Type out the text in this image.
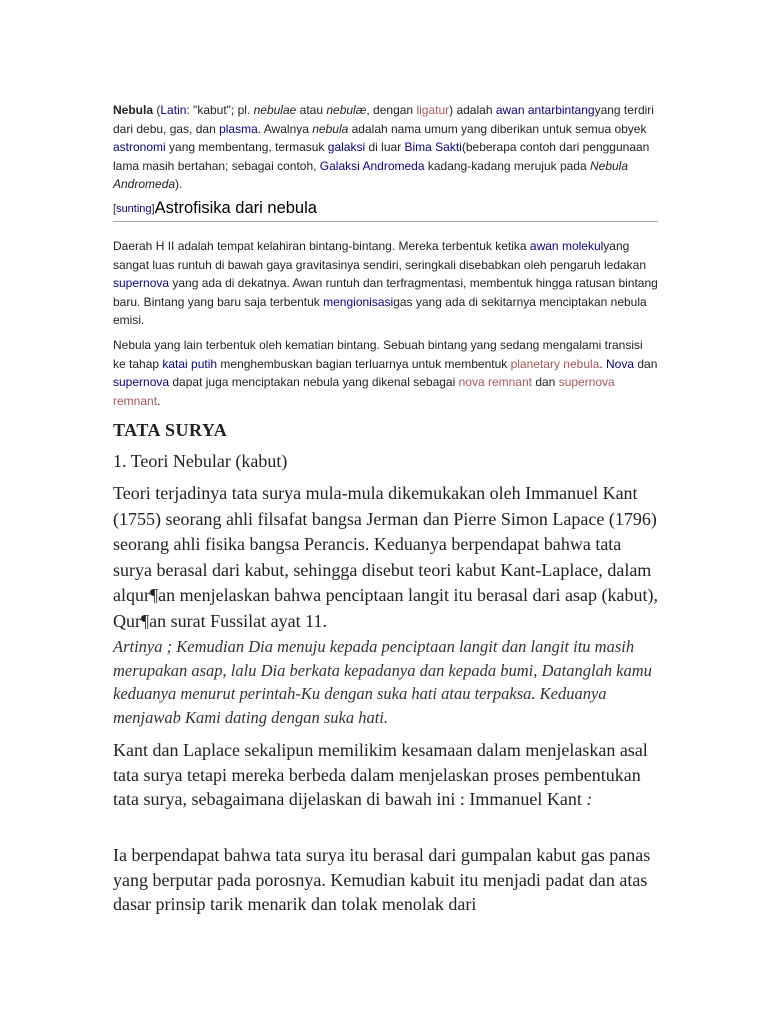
Nebula (Latin: "kabut"; pl. nebulae atau nebulæ, dengan ligatur) adalah awan antarbintangyang terdiri dari debu, gas, dan plasma. Awalnya nebula adalah nama umum yang diberikan untuk semua obyek astronomi yang membentang, termasuk galaksi di luar Bima Sakti(beberapa contoh dari penggunaan lama masih bertahan; sebagai contoh, Galaksi Andromeda kadang-kadang merujuk pada Nebula Andromeda).

[sunting]Astrofisika dari nebula

Daerah H II adalah tempat kelahiran bintang-bintang. Mereka terbentuk ketika awan molekulyang sangat luas runtuh di bawah gaya gravitasinya sendiri, seringkali disebabkan oleh pengaruh ledakan supernova yang ada di dekatnya. Awan runtuh dan terfragmentasi, membentuk hingga ratusan bintang baru. Bintang yang baru saja terbentuk mengionisasigas yang ada di sekitarnya menciptakan nebula emisi.

Nebula yang lain terbentuk oleh kematian bintang. Sebuah bintang yang sedang mengalami transisi ke tahap katai putih menghembuskan bagian terluarnya untuk membentuk planetary nebula. Nova dan supernova dapat juga menciptakan nebula yang dikenal sebagai nova remnant dan supernova remnant.

TATA SURYA
1. Teori Nebular (kabut)

Teori terjadinya tata surya mula-mula dikemukakan oleh Immanuel Kant (1755) seorang ahli filsafat bangsa Jerman dan Pierre Simon Lapace (1796) seorang ahli fisika bangsa Perancis. Keduanya berpendapat bahwa tata surya berasal dari kabut, sehingga disebut teori kabut Kant-Laplace, dalam alqur¶an menjelaskan bahwa penciptaan langit itu berasal dari asap (kabut), Qur¶an surat Fussilat ayat 11.

Artinya ; Kemudian Dia menuju kepada penciptaan langit dan langit itu masih merupakan asap, lalu Dia berkata kepadanya dan kepada bumi, Datanglah kamu keduanya menurut perintah-Ku dengan suka hati atau terpaksa. Keduanya menjawab Kami dating dengan suka hati.

Kant dan Laplace sekalipun memilikim kesamaan dalam menjelaskan asal tata surya tetapi mereka berbeda dalam menjelaskan proses pembentukan tata surya, sebagaimana dijelaskan di bawah ini : Immanuel Kant :

Ia berpendapat bahwa tata surya itu berasal dari gumpalan kabut gas panas yang berputar pada porosnya. Kemudian kabuit itu menjadi padat dan atas dasar prinsip tarik menarik dan tolak menolak dari
